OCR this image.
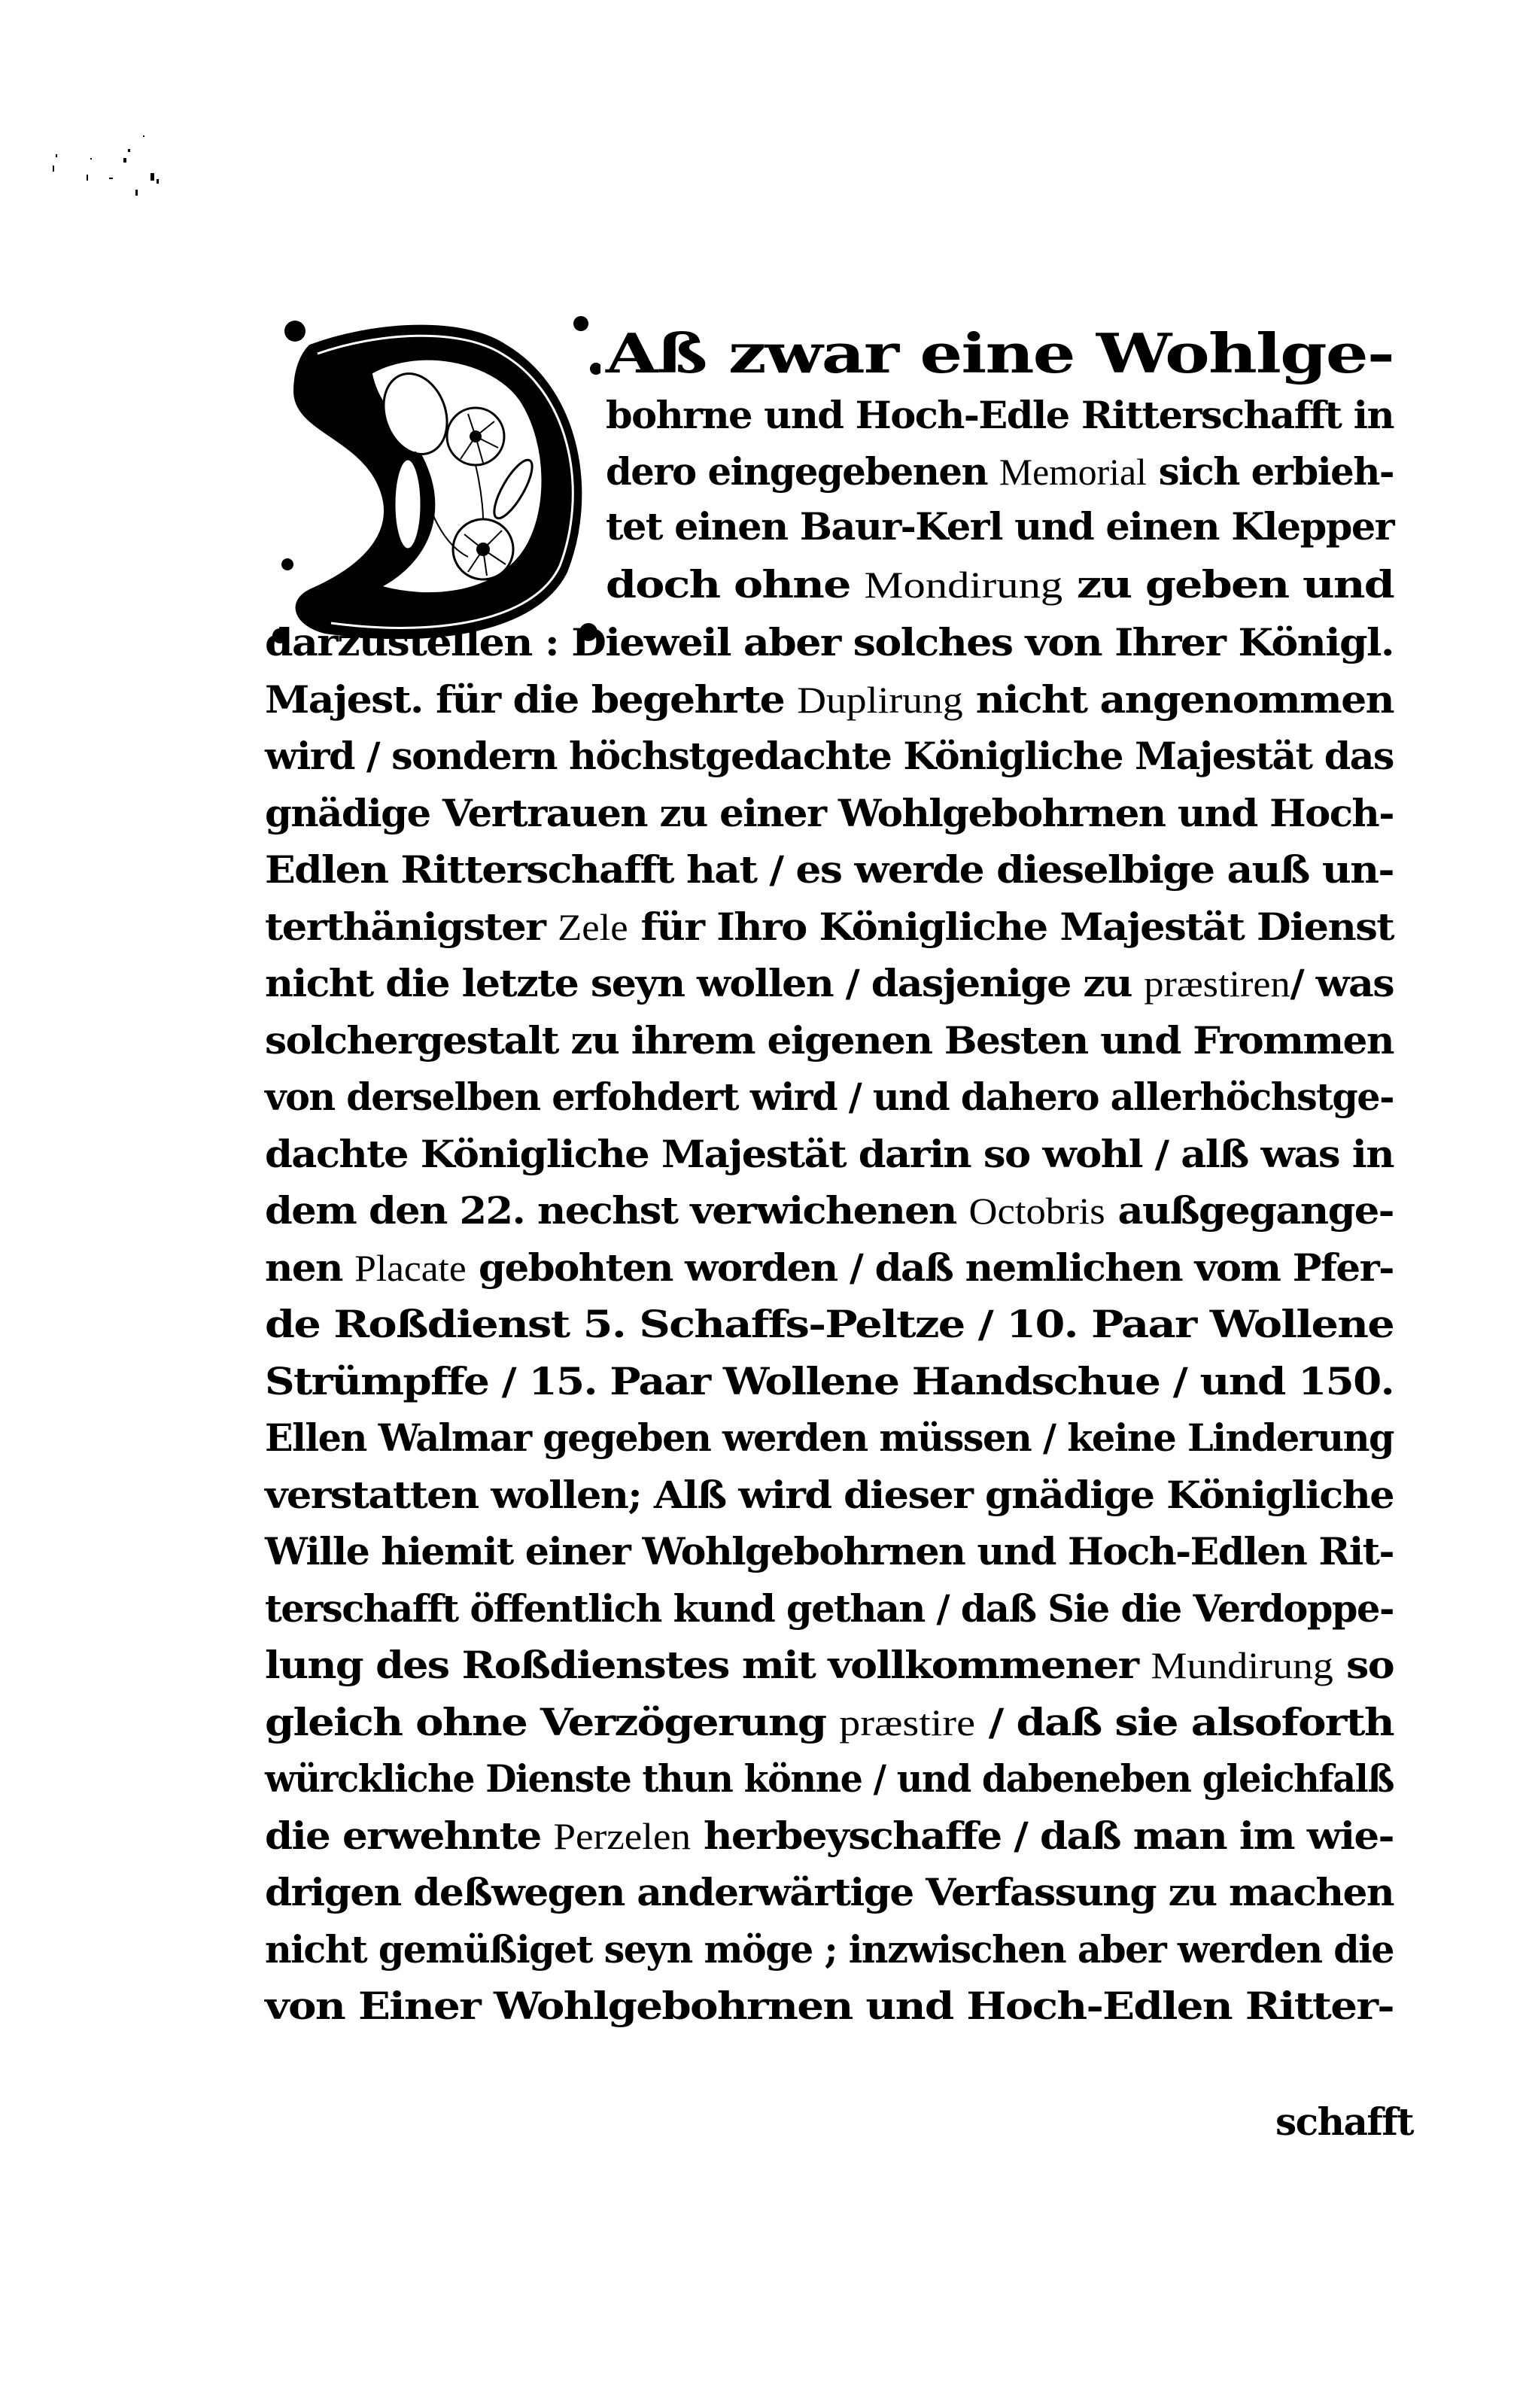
Aß zwar eine Wohlge-
bohrne und Hoch-Edle Ritterschafft in
dero eingegebenen Memorial sich erbieh-
tet einen Baur-Kerl und einen Klepper
doch ohne Mondirung zu geben und
darzustellen : Dieweil aber solches von Ihrer Königl.
Majest. für die begehrte Duplirung nicht angenommen
wird / sondern höchstgedachte Königliche Majestät das
gnädige Vertrauen zu einer Wohlgebohrnen und Hoch-
Edlen Ritterschafft hat / es werde dieselbige auß un-
terthänigster Zele für Ihro Königliche Majestät Dienst
nicht die letzte seyn wollen / dasjenige zu præstiren/ was
solchergestalt zu ihrem eigenen Besten und Frommen
von derselben erfohdert wird / und dahero allerhöchstge-
dachte Königliche Majestät darin so wohl / alß was in
dem den 22. nechst verwichenen Octobris außgegange-
nen Placate gebohten worden / daß nemlichen vom Pfer-
de Roßdienst 5. Schaffs-Peltze / 10. Paar Wollene
Strümpffe / 15. Paar Wollene Handschue / und 150.
Ellen Walmar gegeben werden müssen / keine Linderung
verstatten wollen; Alß wird dieser gnädige Königliche
Wille hiemit einer Wohlgebohrnen und Hoch-Edlen Rit-
terschafft öffentlich kund gethan / daß Sie die Verdoppe-
lung des Roßdienstes mit vollkommener Mundirung so
gleich ohne Verzögerung præstire / daß sie alsoforth
würckliche Dienste thun könne / und dabeneben gleichfalß
die erwehnte Perzelen herbeyschaffe / daß man im wie-
drigen deßwegen anderwärtige Verfassung zu machen
nicht gemüßiget seyn möge ; inzwischen aber werden die
von Einer Wohlgebohrnen und Hoch-Edlen Ritter-
schafft
